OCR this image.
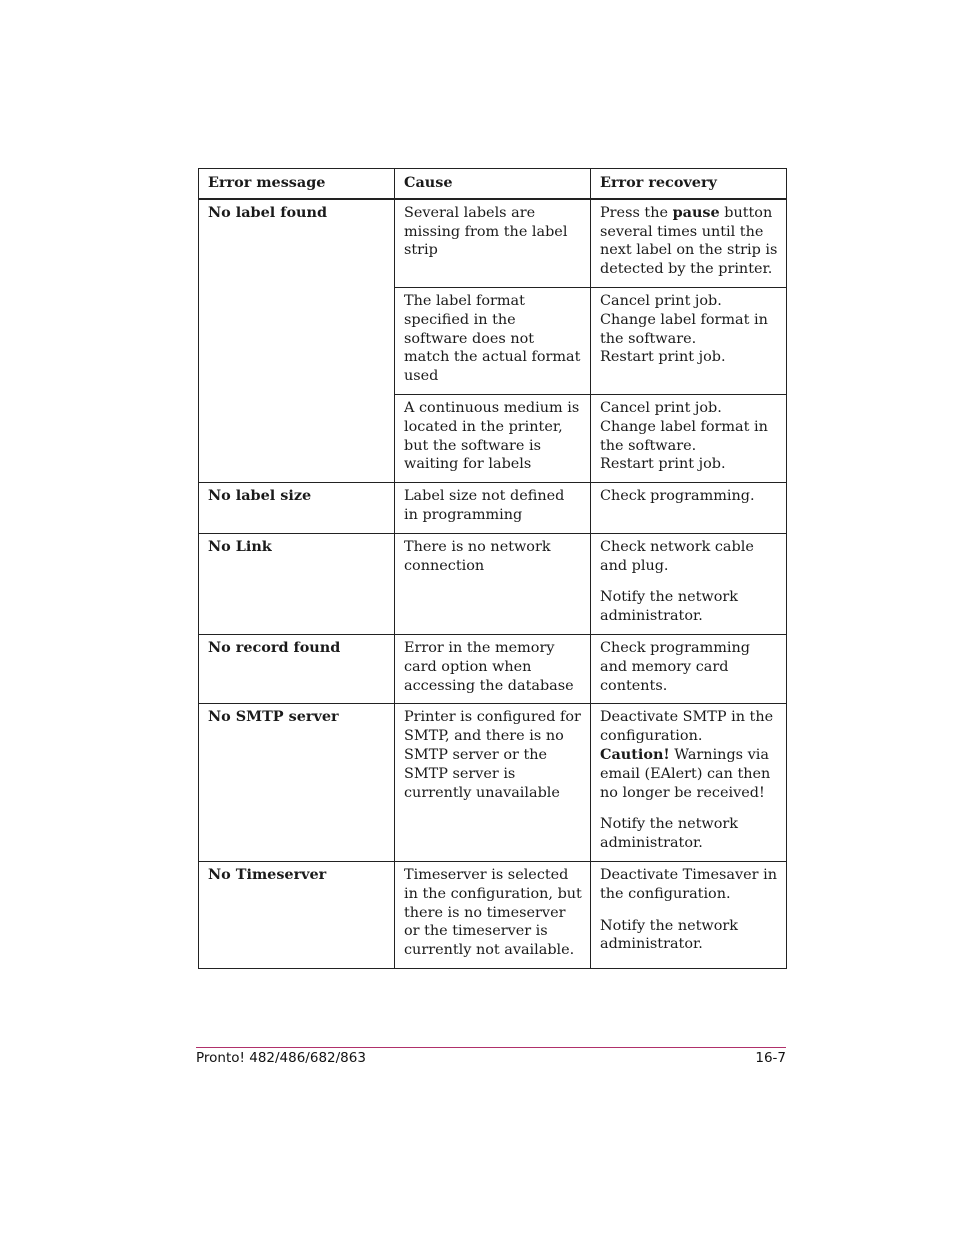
Error message	Cause	Error recovery
No label found	Several labels are missing from the label strip	Press the pause button several times until the next label on the strip is detected by the printer.
	The label format specified in the software does not match the actual format used	Cancel print job.
Change label format in the software.
Restart print job.

	A continuous medium is located in the printer, but the software is waiting for labels	Cancel print job.
Change label format in the software.
Restart print job.

No label size	Label size not defined in programming	Check programming.
No Link	There is no network connection	Check network cable and plug.
Notify the network administrator.

No record found	Error in the memory card option when accessing the database	Check programming and memory card contents.
No SMTP server	Printer is configured for SMTP, and there is no SMTP server or the SMTP server is currently unavailable	Deactivate SMTP in the configuration.
Caution! Warnings via email (EAlert) can then no longer be received!
Notify the network administrator.

No Timeserver	Timeserver is selected in the configuration, but there is no timeserver or the timeserver is currently not available.	Deactivate Timesaver in the configuration.
Notify the network administrator.
Pronto! 482/486/682/863	16-7
